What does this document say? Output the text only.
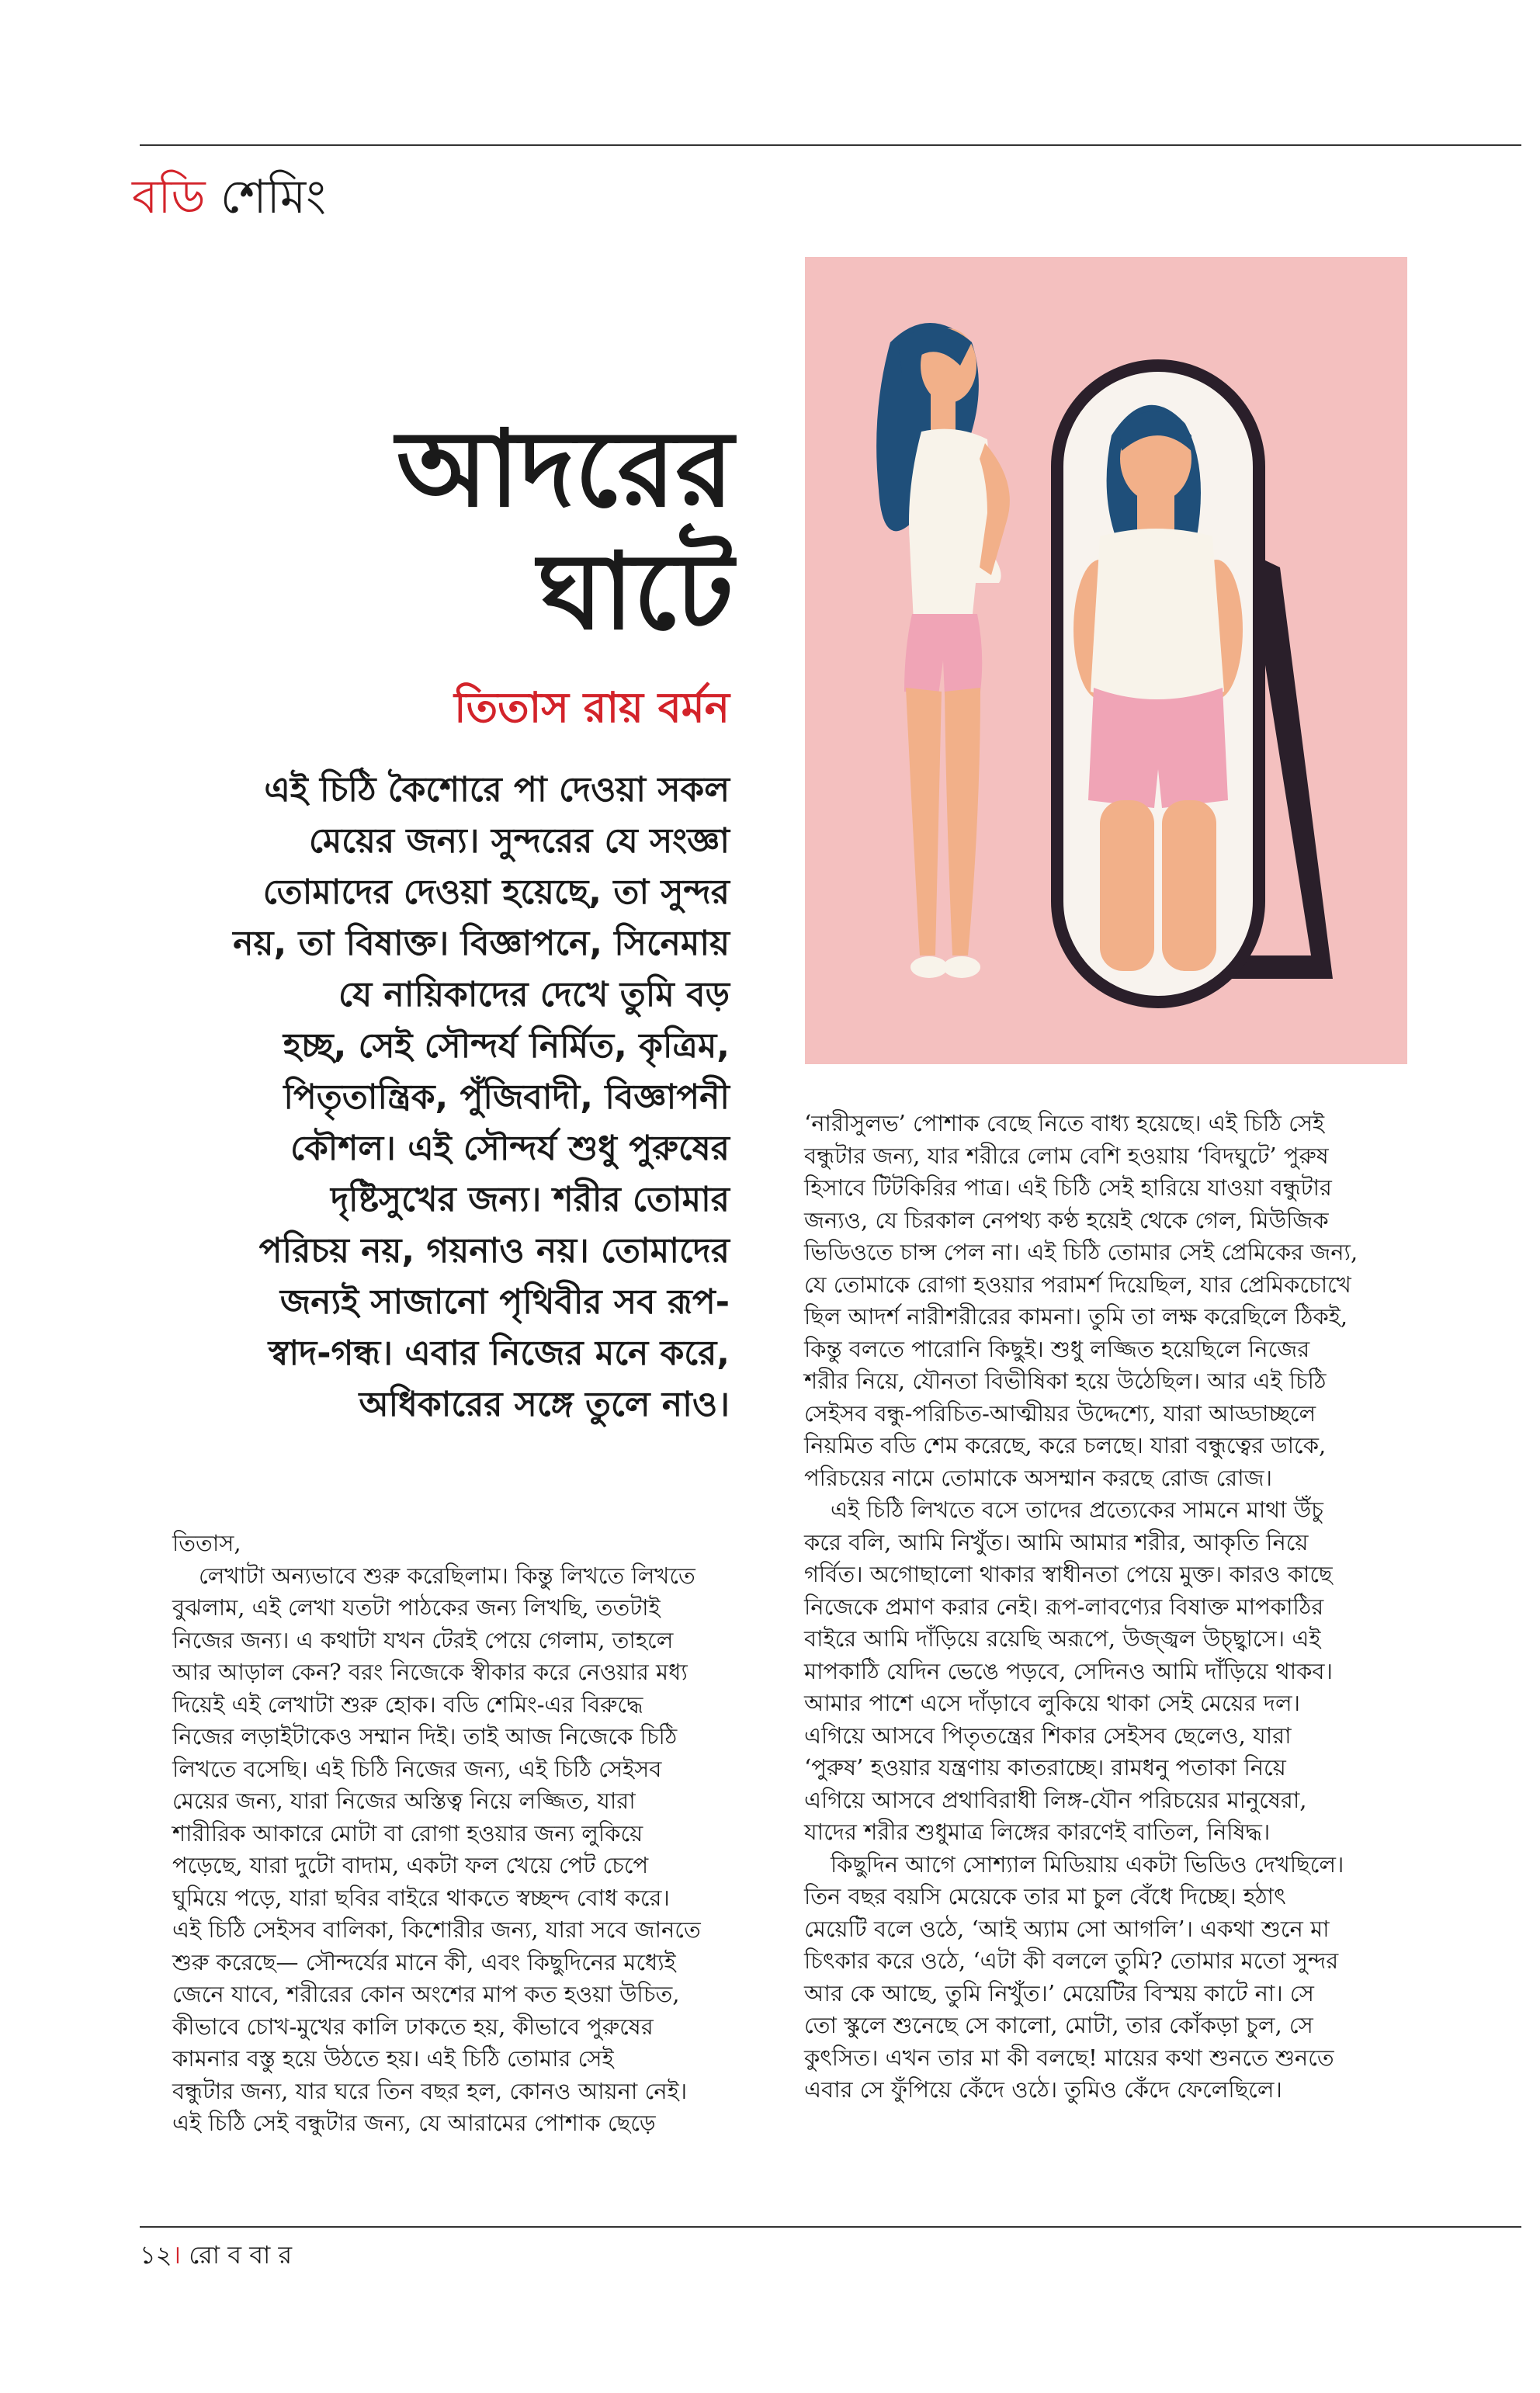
বডি শেমিং
আদরের
ঘাটে
তিতাস রায় বর্মন
এই চিঠি কৈশোরে পা দেওয়া সকল
মেয়ের জন্য। সুন্দরের যে সংজ্ঞা
তোমাদের দেওয়া হয়েছে, তা সুন্দর
নয়, তা বিষাক্ত। বিজ্ঞাপনে, সিনেমায়
যে নায়িকাদের দেখে তুমি বড়
হচ্ছ, সেই সৌন্দর্য নির্মিত, কৃত্রিম,
পিতৃতান্ত্রিক, পুঁজিবাদী, বিজ্ঞাপনী
কৌশল। এই সৌন্দর্য শুধু পুরুষের
দৃষ্টিসুখের জন্য। শরীর তোমার
পরিচয় নয়, গয়নাও নয়। তোমাদের
জন্যই সাজানো পৃথিবীর সব রূপ-
স্বাদ-গন্ধ। এবার নিজের মনে করে,
অধিকারের সঙ্গে তুলে নাও।
তিতাস,
লেখাটা অন্যভাবে শুরু করেছিলাম। কিন্তু লিখতে লিখতে
বুঝলাম, এই লেখা যতটা পাঠকের জন্য লিখছি, ততটাই
নিজের জন্য। এ কথাটা যখন টেরই পেয়ে গেলাম, তাহলে
আর আড়াল কেন? বরং নিজেকে স্বীকার করে নেওয়ার মধ্য
দিয়েই এই লেখাটা শুরু হোক। বডি শেমিং-এর বিরুদ্ধে
নিজের লড়াইটাকেও সম্মান দিই। তাই আজ নিজেকে চিঠি
লিখতে বসেছি। এই চিঠি নিজের জন্য, এই চিঠি সেইসব
মেয়ের জন্য, যারা নিজের অস্তিত্ব নিয়ে লজ্জিত, যারা
শারীরিক আকারে মোটা বা রোগা হওয়ার জন্য লুকিয়ে
পড়েছে, যারা দুটো বাদাম, একটা ফল খেয়ে পেট চেপে
ঘুমিয়ে পড়ে, যারা ছবির বাইরে থাকতে স্বচ্ছন্দ বোধ করে।
এই চিঠি সেইসব বালিকা, কিশোরীর জন্য, যারা সবে জানতে
শুরু করেছে— সৌন্দর্যের মানে কী, এবং কিছুদিনের মধ্যেই
জেনে যাবে, শরীরের কোন অংশের মাপ কত হওয়া উচিত,
কীভাবে চোখ-মুখের কালি ঢাকতে হয়, কীভাবে পুরুষের
কামনার বস্তু হয়ে উঠতে হয়। এই চিঠি তোমার সেই
বন্ধুটার জন্য, যার ঘরে তিন বছর হল, কোনও আয়না নেই।
এই চিঠি সেই বন্ধুটার জন্য, যে আরামের পোশাক ছেড়ে
‘নারীসুলভ’ পোশাক বেছে নিতে বাধ্য হয়েছে। এই চিঠি সেই
বন্ধুটার জন্য, যার শরীরে লোম বেশি হওয়ায় ‘বিদঘুটে’ পুরুষ
হিসাবে টিটকিরির পাত্র। এই চিঠি সেই হারিয়ে যাওয়া বন্ধুটার
জন্যও, যে চিরকাল নেপথ্য কণ্ঠ হয়েই থেকে গেল, মিউজিক
ভিডিওতে চান্স পেল না। এই চিঠি তোমার সেই প্রেমিকের জন্য,
যে তোমাকে রোগা হওয়ার পরামর্শ দিয়েছিল, যার প্রেমিকচোখে
ছিল আদর্শ নারীশরীরের কামনা। তুমি তা লক্ষ করেছিলে ঠিকই,
কিন্তু বলতে পারোনি কিছুই। শুধু লজ্জিত হয়েছিলে নিজের
শরীর নিয়ে, যৌনতা বিভীষিকা হয়ে উঠেছিল। আর এই চিঠি
সেইসব বন্ধু-পরিচিত-আত্মীয়র উদ্দেশ্যে, যারা আড্ডাচ্ছলে
নিয়মিত বডি শেম করেছে, করে চলছে। যারা বন্ধুত্বের ডাকে,
পরিচয়ের নামে তোমাকে অসম্মান করছে রোজ রোজ।
এই চিঠি লিখতে বসে তাদের প্রত্যেকের সামনে মাথা উঁচু
করে বলি, আমি নিখুঁত। আমি আমার শরীর, আকৃতি নিয়ে
গর্বিত। অগোছালো থাকার স্বাধীনতা পেয়ে মুক্ত। কারও কাছে
নিজেকে প্রমাণ করার নেই। রূপ-লাবণ্যের বিষাক্ত মাপকাঠির
বাইরে আমি দাঁড়িয়ে রয়েছি অরূপে, উজ্জ্বল উচ্ছ্বাসে। এই
মাপকাঠি যেদিন ভেঙে পড়বে, সেদিনও আমি দাঁড়িয়ে থাকব।
আমার পাশে এসে দাঁড়াবে লুকিয়ে থাকা সেই মেয়ের দল।
এগিয়ে আসবে পিতৃতন্ত্রের শিকার সেইসব ছেলেও, যারা
‘পুরুষ’ হওয়ার যন্ত্রণায় কাতরাচ্ছে। রামধনু পতাকা নিয়ে
এগিয়ে আসবে প্রথাবিরাধী লিঙ্গ-যৌন পরিচয়ের মানুষেরা,
যাদের শরীর শুধুমাত্র লিঙ্গের কারণেই বাতিল, নিষিদ্ধ।
কিছুদিন আগে সোশ্যাল মিডিয়ায় একটা ভিডিও দেখছিলে।
তিন বছর বয়সি মেয়েকে তার মা চুল বেঁধে দিচ্ছে। হঠাৎ
মেয়েটি বলে ওঠে, ‘আই অ্যাম সো আগলি’। একথা শুনে মা
চিৎকার করে ওঠে, ‘এটা কী বললে তুমি? তোমার মতো সুন্দর
আর কে আছে, তুমি নিখুঁত।’ মেয়েটির বিস্ময় কাটে না। সে
তো স্কুলে শুনেছে সে কালো, মোটা, তার কোঁকড়া চুল, সে
কুৎসিত। এখন তার মা কী বলছে! মায়ের কথা শুনতে শুনতে
এবার সে ফুঁপিয়ে কেঁদে ওঠে। তুমিও কেঁদে ফেলেছিলে।
১২। রো ব বা র
